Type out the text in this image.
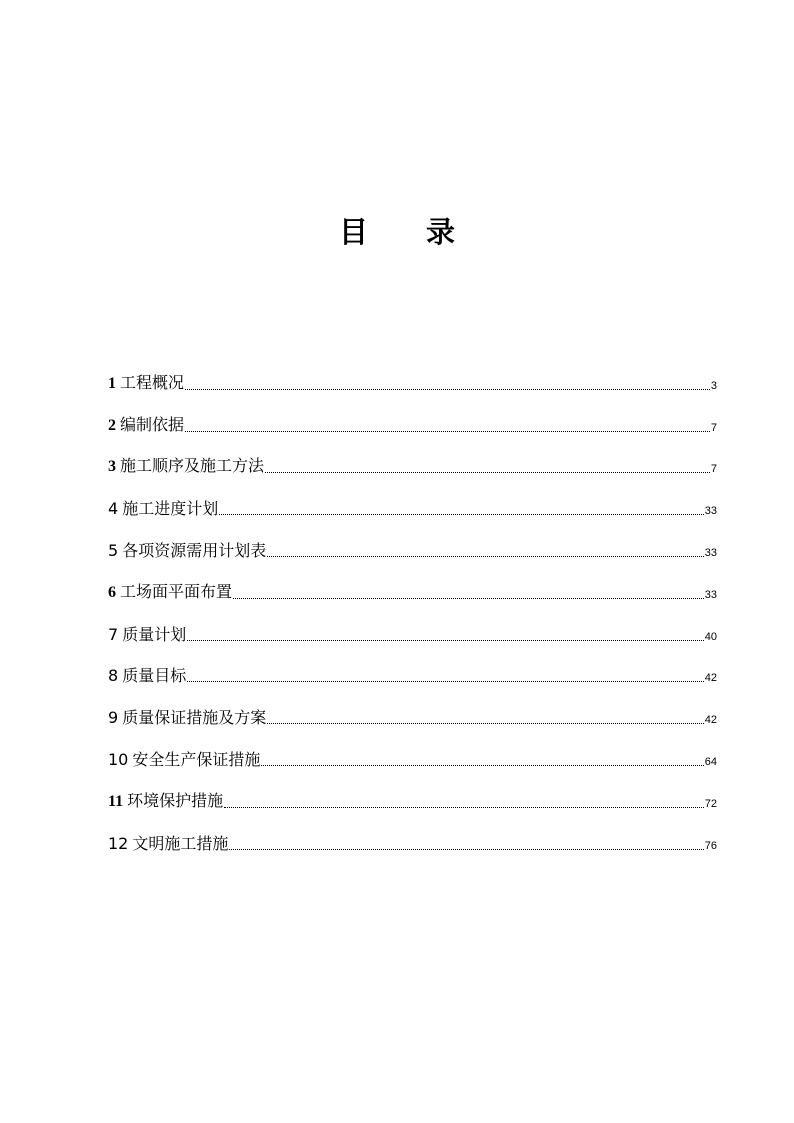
目 录
1 工程概况	3
2 编制依据	7
3 施工顺序及施工方法	7
4 施工进度计划	33
5 各项资源需用计划表	33
6 工场面平面布置	33
7 质量计划	40
8 质量目标	42
9 质量保证措施及方案	42
10 安全生产保证措施	64
11 环境保护措施	72
12 文明施工措施	76
